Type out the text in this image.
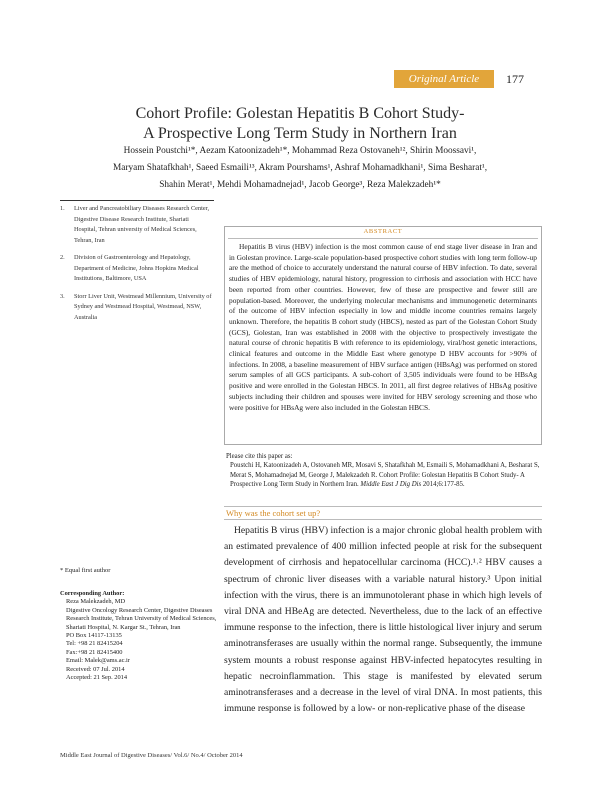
Original Article	177
Cohort Profile: Golestan Hepatitis B Cohort Study-
A Prospective Long Term Study in Northern Iran
Hossein Poustchi¹*, Aezam Katoonizadeh¹*, Mohammad Reza Ostovaneh¹², Shirin Moossavi¹,
Maryam Shatafkhah¹, Saeed Esmaili¹³, Akram Pourshams¹, Ashraf Mohamadkhani¹, Sima Besharat¹,
Shahin Merat¹, Mehdi Mohamadnejad¹, Jacob George³, Reza Malekzadeh¹*
1. Liver and Pancreatobiliary Diseases Research Center, Digestive Disease Research Institute, Shariati Hospital, Tehran university of Medical Sciences, Tehran, Iran
2. Division of Gastroenterology and Hepatology, Department of Medicine, Johns Hopkins Medical Institutions, Baltimore, USA
3. Storr Liver Unit, Westmead Millennium, University of Sydney and Westmead Hospital, Westmead, NSW, Australia
ABSTRACT

Hepatitis B virus (HBV) infection is the most common cause of end stage liver disease in Iran and in Golestan province. Large-scale population-based prospective cohort studies with long term follow-up are the method of choice to accurately understand the natural course of HBV infection. To date, several studies of HBV epidemiology, natural history, progression to cirrhosis and association with HCC have been reported from other countries. However, few of these are prospective and fewer still are population-based. Moreover, the underlying molecular mechanisms and immunogenetic determinants of the outcome of HBV infection especially in low and middle income countries remains largely unknown. Therefore, the hepatitis B cohort study (HBCS), nested as part of the Golestan Cohort Study (GCS), Golestan, Iran was established in 2008 with the objective to prospectively investigate the natural course of chronic hepatitis B with reference to its epidemiology, viral/host genetic interactions, clinical features and outcome in the Middle East where genotype D HBV accounts for >90% of infections. In 2008, a baseline measurement of HBV surface antigen (HBsAg) was performed on stored serum samples of all GCS participants. A sub-cohort of 3,505 individuals were found to be HBsAg positive and were enrolled in the Golestan HBCS. In 2011, all first degree relatives of HBsAg positive subjects including their children and spouses were invited for HBV serology screening and those who were positive for HBsAg were also included in the Golestan HBCS.

Please cite this paper as:
Poustchi H, Katoonizadeh A, Ostovaneh MR, Mosavi S, Shatafkhah M, Esmaili S, Mohamadkhani A, Besharat S, Merat S, Mohamadnejad M, George J, Malekzadeh R. Cohort Profile: Golestan Hepatitis B Cohort Study- A Prospective Long Term Study in Northern Iran. Middle East J Dig Dis 2014;6:177-85.
Why was the cohort set up?

Hepatitis B virus (HBV) infection is a major chronic global health problem with an estimated prevalence of 400 million infected people at risk for the subsequent development of cirrhosis and hepatocellular carcinoma (HCC).¹˒² HBV causes a spectrum of chronic liver diseases with a variable natural history.³ Upon initial infection with the virus, there is an immunotolerant phase in which high levels of viral DNA and HBeAg are detected. Nevertheless, due to the lack of an effective immune response to the infection, there is little histological liver injury and serum aminotransferases are usually within the normal range. Subsequently, the immune system mounts a robust response against HBV-infected hepatocytes resulting in hepatic necroinflammation. This stage is manifested by elevated serum aminotransferases and a decrease in the level of viral DNA. In most patients, this immune response is followed by a low- or non-replicative phase of the disease

* Equal first author
Corresponding Author:
Reza Malekzadeh, MD
Digestive Oncology Research Center, Digestive Diseases Research Institute, Tehran University of Medical Sciences, Shariati Hospital, N. Kargar St., Tehran, Iran
PO Box 14117-13135
Tel: +98 21 82415204
Fax:+98 21 82415400
Email: Malek@ams.ac.ir
Received: 07 Jul. 2014
Accepted: 21 Sep. 2014
Middle East Journal of Digestive Diseases/ Vol.6/ No.4/ October 2014
